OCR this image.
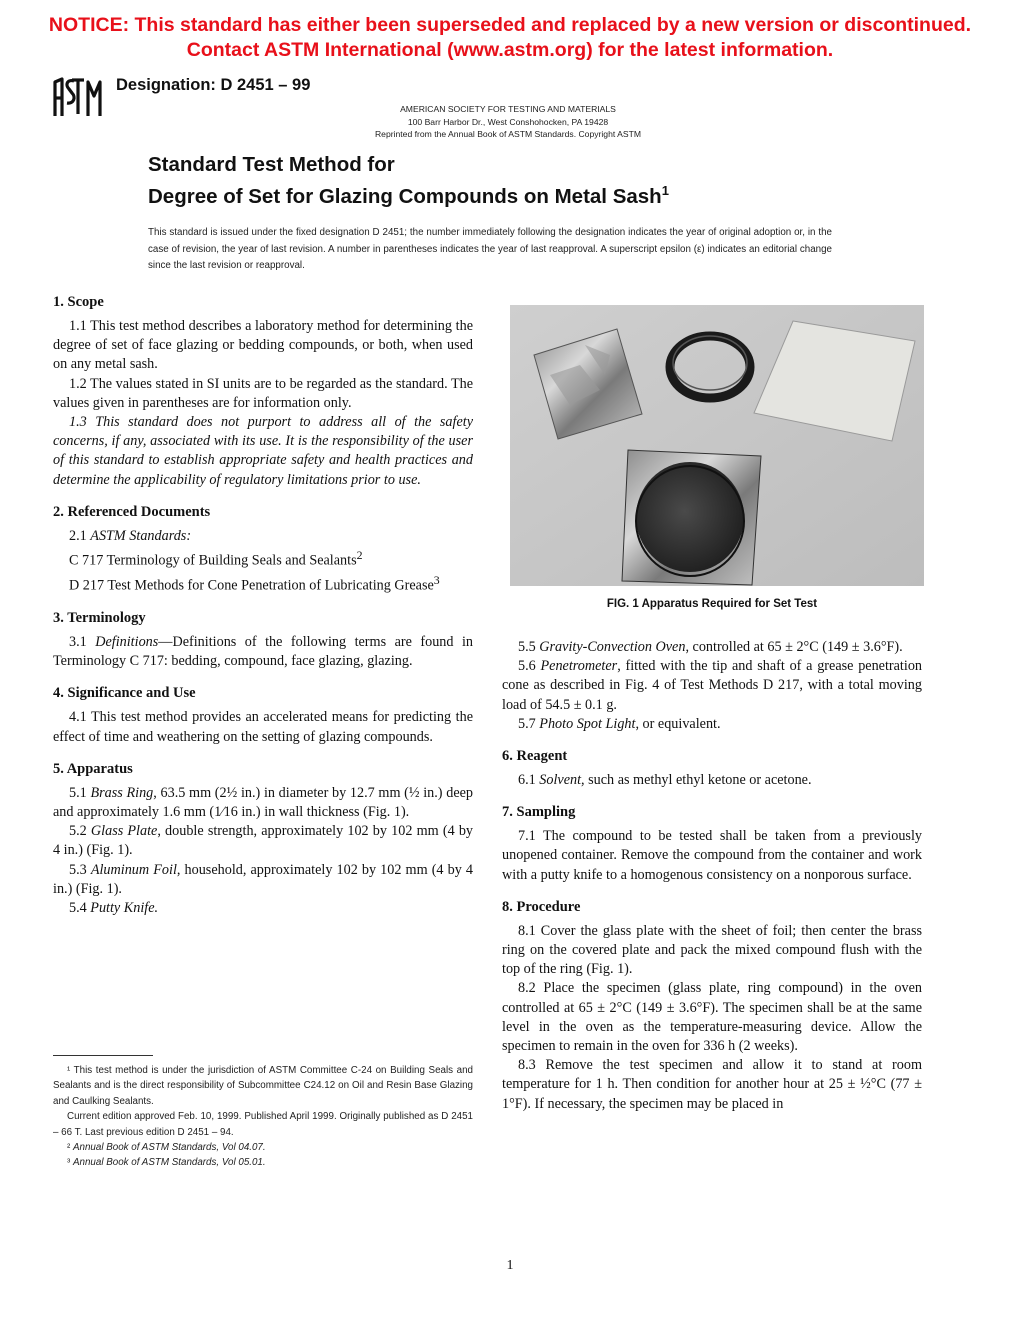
NOTICE: This standard has either been superseded and replaced by a new version or discontinued.
Contact ASTM International (www.astm.org) for the latest information.
Designation: D 2451 – 99
AMERICAN SOCIETY FOR TESTING AND MATERIALS
100 Barr Harbor Dr., West Conshohocken, PA 19428
Reprinted from the Annual Book of ASTM Standards. Copyright ASTM
Standard Test Method for
Degree of Set for Glazing Compounds on Metal Sash$^1$
This standard is issued under the fixed designation D 2451; the number immediately following the designation indicates the year of original adoption or, in the case of revision, the year of last revision. A number in parentheses indicates the year of last reapproval. A superscript epsilon (ε) indicates an editorial change since the last revision or reapproval.
1. Scope

1.1 This test method describes a laboratory method for determining the degree of set of face glazing or bedding compounds, or both, when used on any metal sash.

1.2 The values stated in SI units are to be regarded as the standard. The values given in parentheses are for information only.

1.3 This standard does not purport to address all of the safety concerns, if any, associated with its use. It is the responsibility of the user of this standard to establish appropriate safety and health practices and determine the applicability of regulatory limitations prior to use.

2. Referenced Documents

2.1 ASTM Standards:

C 717 Terminology of Building Seals and Sealants$^2$

D 217 Test Methods for Cone Penetration of Lubricating Grease$^3$

3. Terminology

3.1 Definitions—Definitions of the following terms are found in Terminology C 717: bedding, compound, face glazing, glazing.

4. Significance and Use

4.1 This test method provides an accelerated means for predicting the effect of time and weathering on the setting of glazing compounds.

5. Apparatus

5.1 Brass Ring, 63.5 mm (2½ in.) in diameter by 12.7 mm (½ in.) deep and approximately 1.6 mm (1⁄16 in.) in wall thickness (Fig. 1).

5.2 Glass Plate, double strength, approximately 102 by 102 mm (4 by 4 in.) (Fig. 1).

5.3 Aluminum Foil, household, approximately 102 by 102 mm (4 by 4 in.) (Fig. 1).

5.4 Putty Knife.

FIG. 1 Apparatus Required for Set Test

5.5 Gravity-Convection Oven, controlled at 65 ± 2°C (149 ± 3.6°F).

5.6 Penetrometer, fitted with the tip and shaft of a grease penetration cone as described in Fig. 4 of Test Methods D 217, with a total moving load of 54.5 ± 0.1 g.

5.7 Photo Spot Light, or equivalent.

6. Reagent

6.1 Solvent, such as methyl ethyl ketone or acetone.

7. Sampling

7.1 The compound to be tested shall be taken from a previously unopened container. Remove the compound from the container and work with a putty knife to a homogenous consistency on a nonporous surface.

8. Procedure

8.1 Cover the glass plate with the sheet of foil; then center the brass ring on the covered plate and pack the mixed compound flush with the top of the ring (Fig. 1).

8.2 Place the specimen (glass plate, ring compound) in the oven controlled at 65 ± 2°C (149 ± 3.6°F). The specimen shall be at the same level in the oven as the temperature-measuring device. Allow the specimen to remain in the oven for 336 h (2 weeks).

8.3 Remove the test specimen and allow it to stand at room temperature for 1 h. Then condition for another hour at 25 ± ½°C (77 ± 1°F). If necessary, the specimen may be placed in

¹ This test method is under the jurisdiction of ASTM Committee C-24 on Building Seals and Sealants and is the direct responsibility of Subcommittee C24.12 on Oil and Resin Base Glazing and Caulking Sealants.

Current edition approved Feb. 10, 1999. Published April 1999. Originally published as D 2451 – 66 T. Last previous edition D 2451 – 94.

² Annual Book of ASTM Standards, Vol 04.07.

³ Annual Book of ASTM Standards, Vol 05.01.

1
